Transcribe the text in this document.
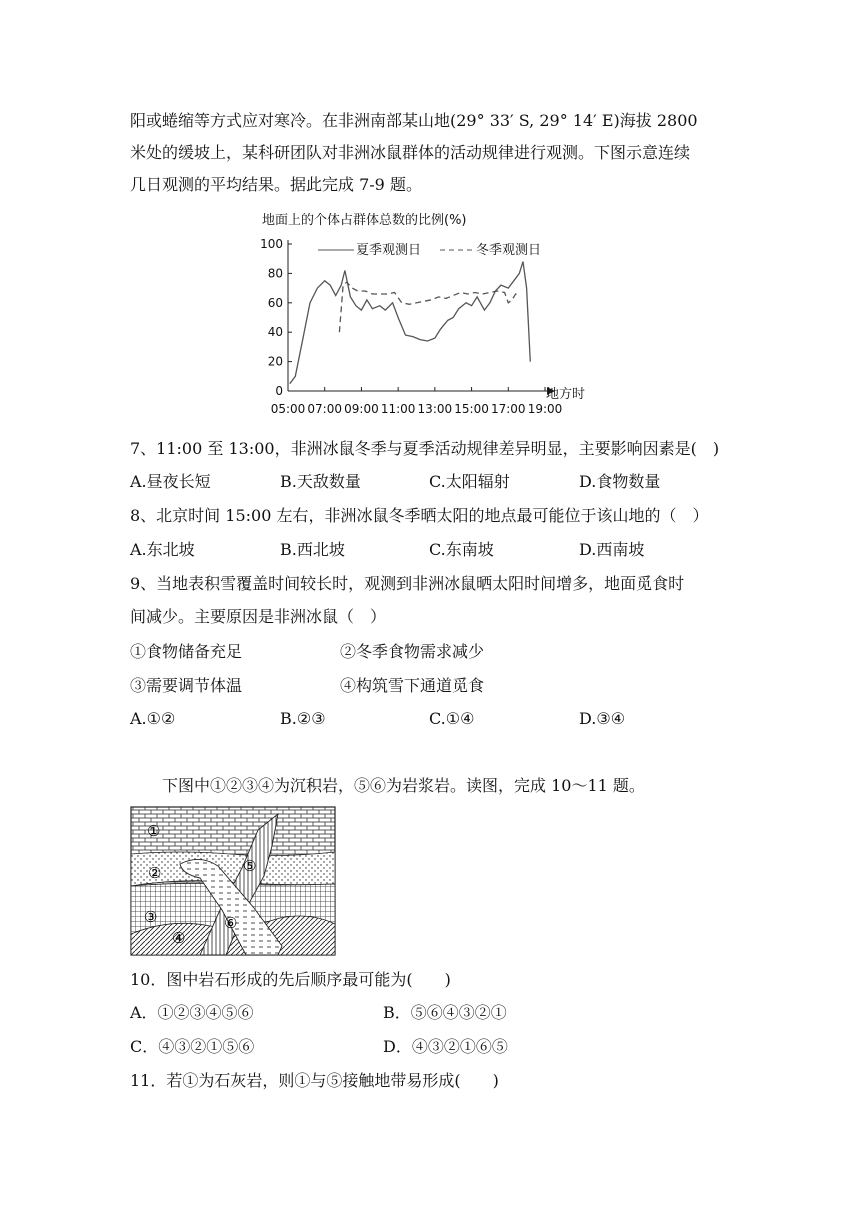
阳或蜷缩等方式应对寒冷。在非洲南部某山地(29° 33′ S, 29° 14′ E)海拔 2800
米处的缓坡上，某科研团队对非洲冰鼠群体的活动规律进行观测。下图示意连续
几日观测的平均结果。据此完成 7-9 题。
地面上的个体占群体总数的比例(%)
夏季观测日	冬季观测日
0
20
40
60
80
100
05:00 07:00 09:00 11:00 13:00 15:00 17:00 19:00
地方时
7、11:00 至 13:00，非洲冰鼠冬季与夏季活动规律差异明显，主要影响因素是(　)
A.昼夜长短	B.天敌数量	C.太阳辐射	D.食物数量
8、北京时间 15:00 左右，非洲冰鼠冬季晒太阳的地点最可能位于该山地的（　）
A.东北坡	B.西北坡	C.东南坡	D.西南坡
9、当地表积雪覆盖时间较长时，观测到非洲冰鼠晒太阳时间增多，地面觅食时
间减少。主要原因是非洲冰鼠（　）
①食物储备充足	②冬季食物需求减少
③需要调节体温	④构筑雪下通道觅食
A.①②	B.②③	C.①④	D.③④
下图中①②③④为沉积岩，⑤⑥为岩浆岩。读图，完成 10～11 题。
①
②
③
④
⑤
⑥
10．图中岩石形成的先后顺序最可能为(　　)
A．①②③④⑤⑥	B．⑤⑥④③②①
C．④③②①⑤⑥	D．④③②①⑥⑤
11．若①为石灰岩，则①与⑤接触地带易形成(　　)
